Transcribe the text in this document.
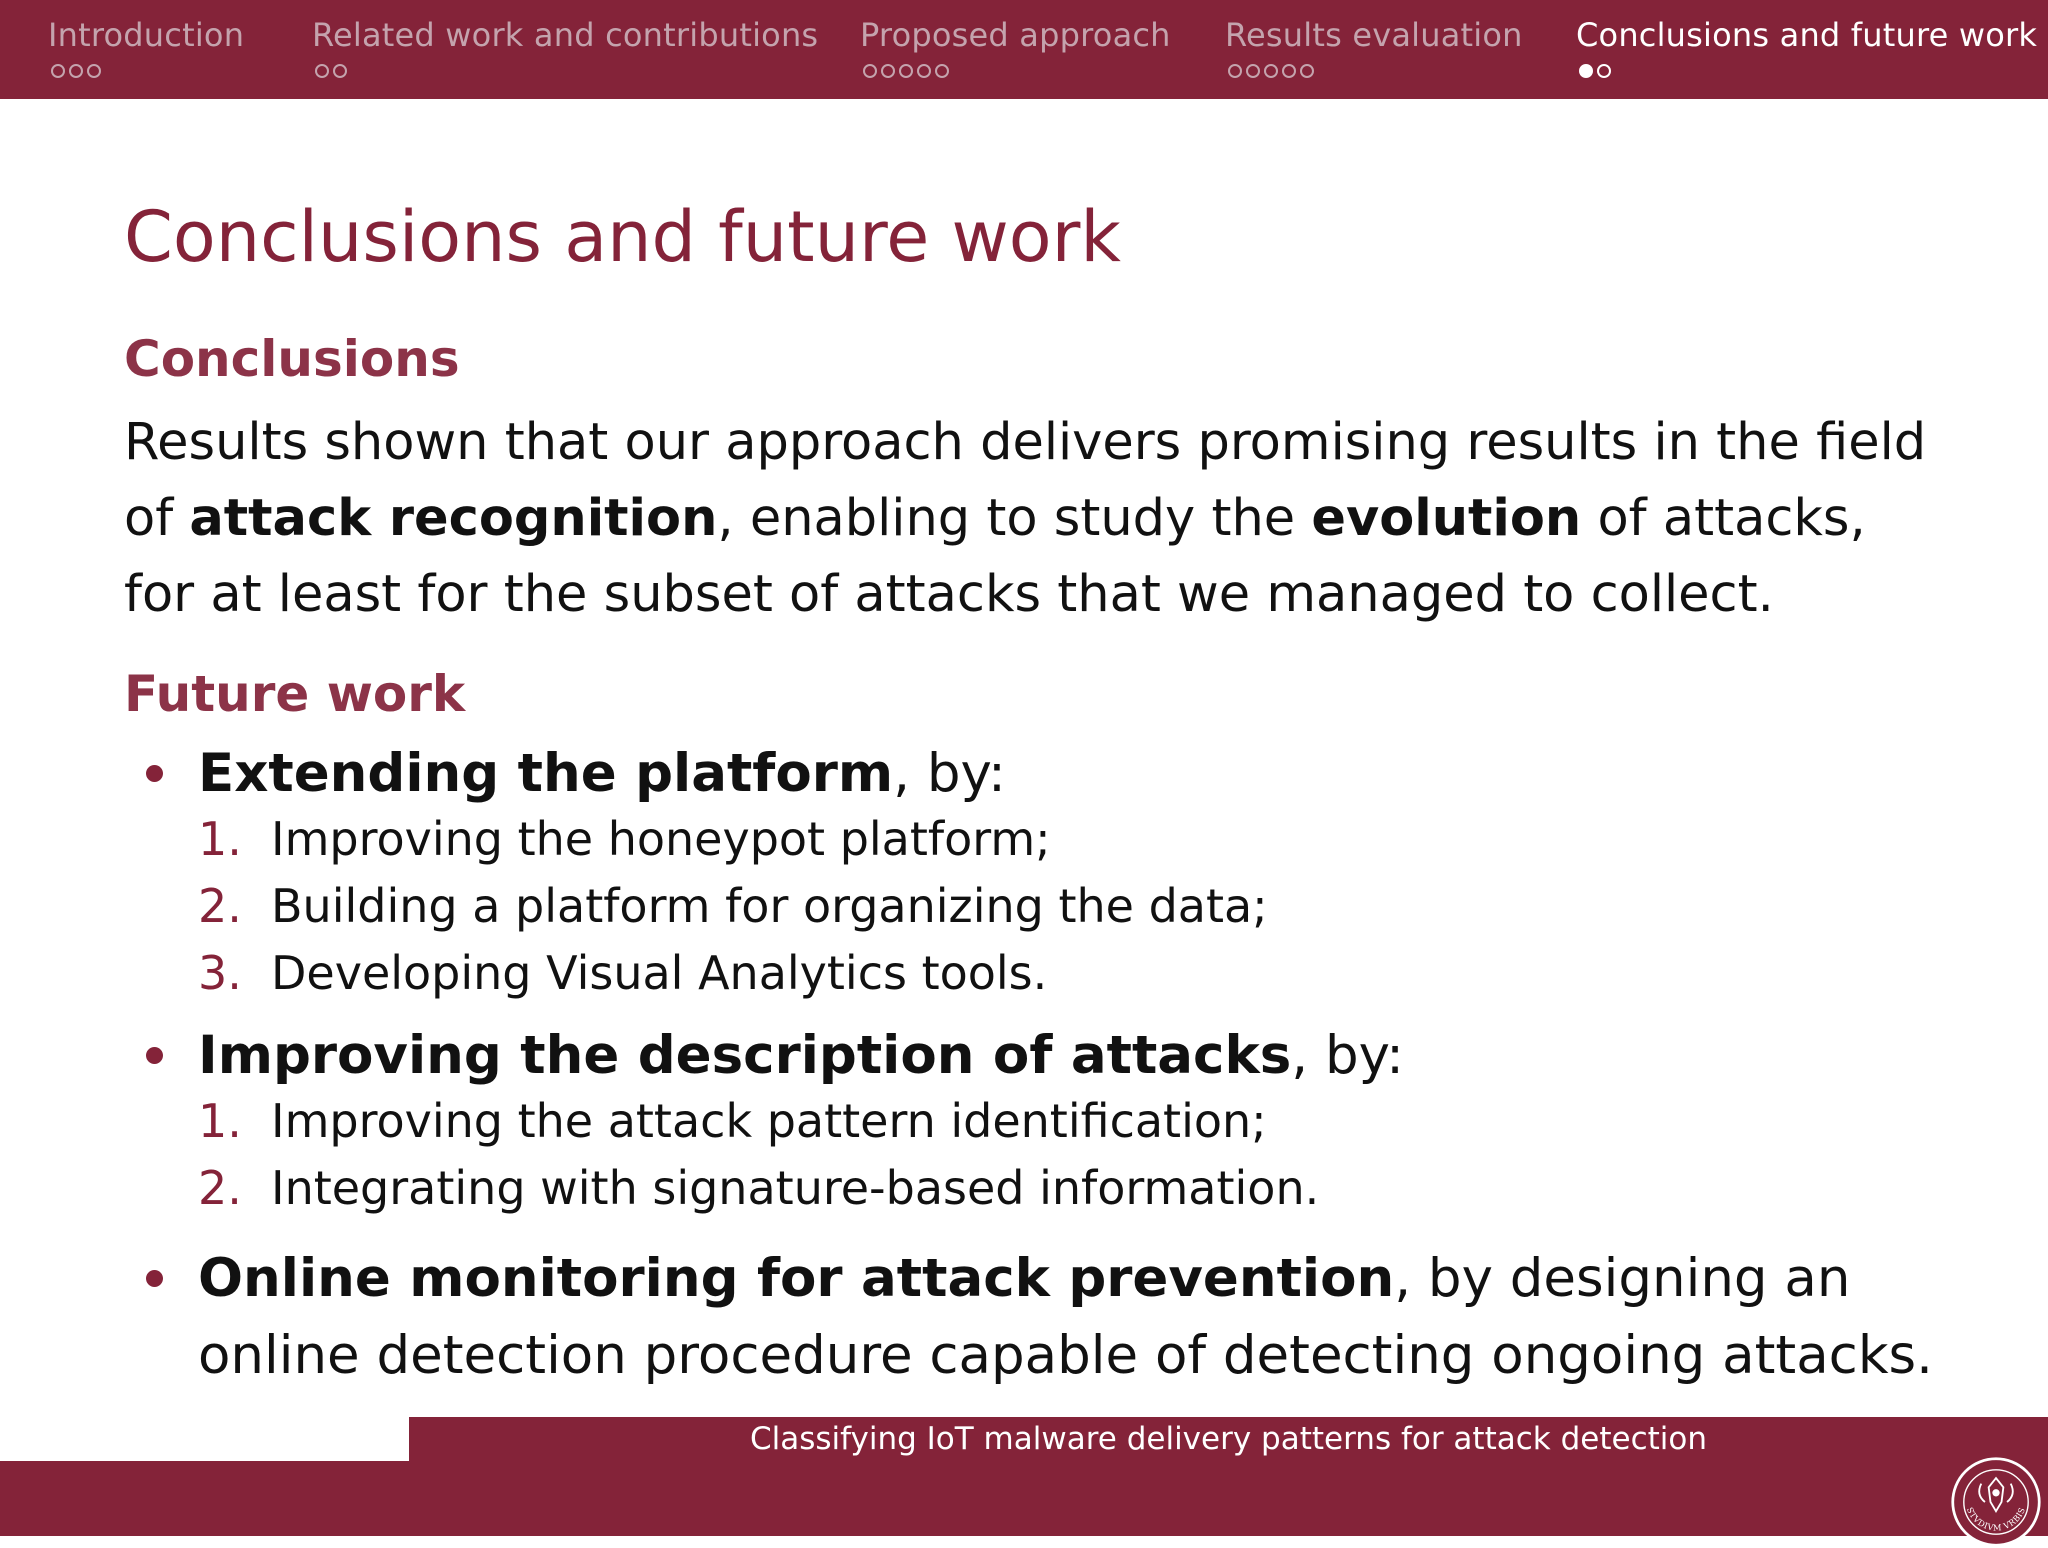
Introduction Related work and contributions Proposed approach Results evaluation Conclusions and future work
Conclusions and future work
Conclusions

Results shown that our approach delivers promising results in the field of attack recognition, enabling to study the evolution of attacks, for at least for the subset of attacks that we managed to collect.

Future work

Extending the platform, by:

1. Improving the honeypot platform;
2. Building a platform for organizing the data;
3. Developing Visual Analytics tools.

Improving the description of attacks, by:

1. Improving the attack pattern identification;
2. Integrating with signature-based information.

Online monitoring for attack prevention, by designing an online detection procedure capable of detecting ongoing attacks.

Classifying IoT malware delivery patterns for attack detection
STVDIVM VRBIS
